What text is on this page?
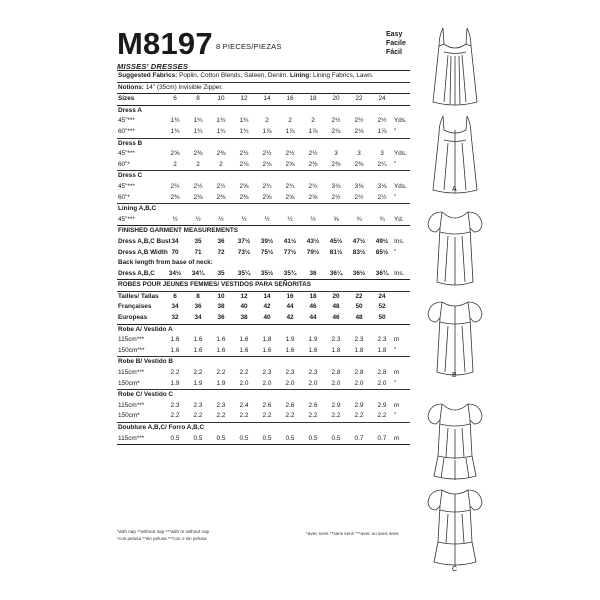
M8197 8 PIECES/PIEZAS
Easy
Facile
Fácil
MISSES' DRESSES
Suggested Fabrics: Poplin, Cotton Blends, Sateen, Denim. Lining: Lining Fabrics, Lawn.
Notions: 14" (35cm) Invisible Zipper.
Sizes	6	8	10	12	14	16	18	20	22	24
Dress A
45"***	1¾	1¾	1¾	1¾	2	2	2	2½	2½	2½	Yds.
60"***	1¾	1¾	1¾	1¾	1⅞	1⅞	1⅞	2⅛	2⅛	1⅞	"
Dress B
45"***	2⅝	2⅜	2⅜	2½	2½	2½	2½	3	3	3	Yds.
60"*	2	2	2	2⅛	2⅛	2⅝	2⅜	2⅜	2⅜	2¼	"
Dress C
45"***	2½	2½	2½	2⅝	2¾	2¾	2¾	3⅛	3⅛	3⅛	Yds.
60"*	2⅜	2⅜	2⅜	2⅜	2⅝	2⅝	2⅝	2½	2½	2½	"
Lining A,B,C
45"***	½	½	½	½	½	½	½	⅝	¾	¾	Yd.
FINISHED GARMENT MEASUREMENTS
Dress A,B,C Bust 34	35	36	37½	39½	41½	43½	45½	47½	49½ Ins.
Dress A,B Width 70	71	72	73½	75½	77½	79½	81½	83½	85½ "
Back length from base of neck:
Dress A,B,C	34½	34¾	35	35¼	35½	35¾	36	36¼	36½	36¾ Ins.
ROBES POUR JEUNES FEMMES/ VESTIDOS PARA SEÑORITAS
Tailles/ Tallas	6	8	10	12	14	16	18	20	22	24
Françaises	34	36	38	40	42	44	46	48	50	52
Europeas	32	34	36	38	40	42	44	46	48	50
Robe A/ Vestido A
115cm***	1.6	1.6	1.6	1.6	1.8	1.9	1.9	2.3	2.3	2.3	m
150cm***	1.6	1.6	1.6	1.6	1.6	1.6	1.6	1.8	1.8	1.8	"
Robe B/ Vestido B
115cm***	2.2	2.2	2.2	2.2	2.3	2.3	2.3	2.8	2.8	2.8	m
150cm*	1.9	1.9	1.9	2.0	2.0	2.0	2.0	2.0	2.0	2.0	"
Robe C/ Vestido C
115cm***	2.3	2.3	2.3	2.4	2.6	2.6	2.6	2.9	2.9	2.9	m
150cm*	2.2	2.2	2.2	2.2	2.2	2.2	2.2	2.2	2.2	2.2	"
Doublure A,B,C/ Forro A,B,C
115cm***	0.5	0.5	0.5	0.5	0.5	0.5	0.5	0.5	0.7	0.7	m
*with nap **without nap ***with or without nap
*con pelusa **sin pelusa ***con o sin pelusa
*avec sens **sans sens ***avec ou sans sens
A
B
C
